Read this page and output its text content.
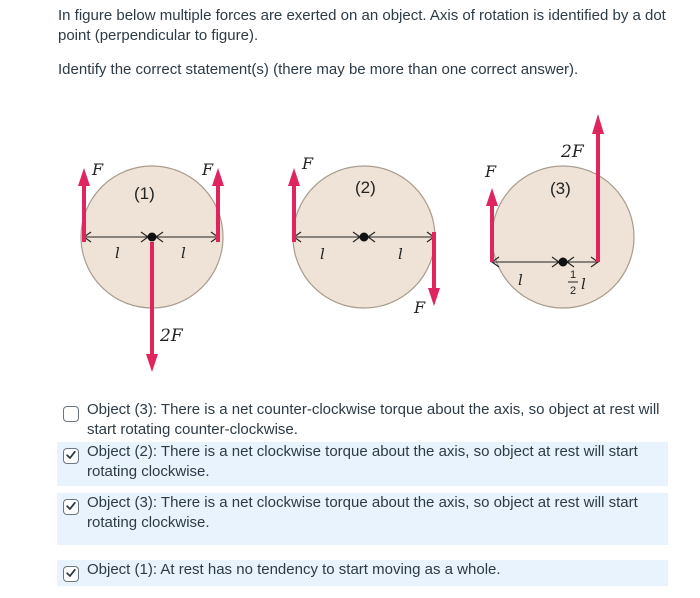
In figure below multiple forces are exerted on an object. Axis of rotation is identified by a dot point (perpendicular to figure).

Identify the correct statement(s) (there may be more than one correct answer).

F	F
2F
(1)
l	l
F
F
(2)
l	l
F
2F
(3)
l	1
2 l
Object (3): There is a net counter-clockwise torque about the axis, so object at rest will start rotating counter-clockwise.
Object (2): There is a net clockwise torque about the axis, so object at rest will start rotating clockwise.
Object (3): There is a net clockwise torque about the axis, so object at rest will start rotating clockwise.
Object (1): At rest has no tendency to start moving as a whole.
